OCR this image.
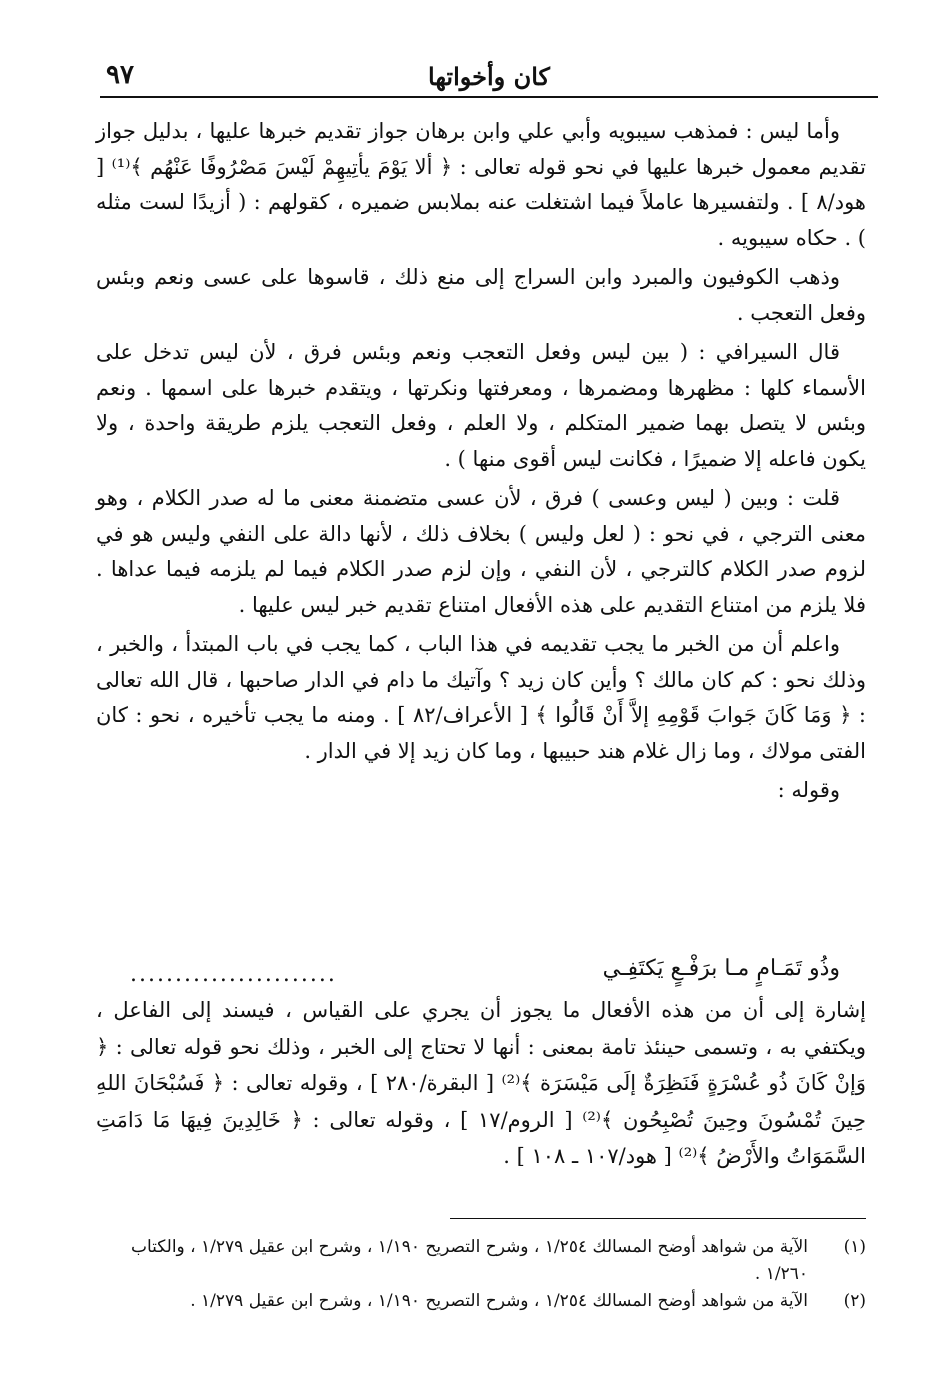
كان وأخواتها
٩٧

وأما ليس : فمذهب سيبويه وأبي علي وابن برهان جواز تقديم خبرها عليها ، بدليل جواز تقديم معمول خبرها عليها في نحو قوله تعالى : ﴿ ألا يَوْمَ يأتِيهِمْ لَيْسَ مَصْرُوفًا عَنْهُم ﴾⁽¹⁾ [ هود/٨ ] . ولتفسيرها عاملاً فيما اشتغلت عنه بملابس ضميره ، كقولهم : ( أزيدًا لست مثله ) . حكاه سيبويه .

وذهب الكوفيون والمبرد وابن السراج إلى منع ذلك ، قاسوها على عسى ونعم وبئس وفعل التعجب .

قال السيرافي : ( بين ليس وفعل التعجب ونعم وبئس فرق ، لأن ليس تدخل على الأسماء كلها : مظهرها ومضمرها ، ومعرفتها ونكرتها ، ويتقدم خبرها على اسمها . ونعم وبئس لا يتصل بهما ضمير المتكلم ، ولا العلم ، وفعل التعجب يلزم طريقة واحدة ، ولا يكون فاعله إلا ضميرًا ، فكانت ليس أقوى منها ) .

قلت : وبين ( ليس وعسى ) فرق ، لأن عسى متضمنة معنى ما له صدر الكلام ، وهو معنى الترجي ، في نحو : ( لعل وليس ) بخلاف ذلك ، لأنها دالة على النفي وليس هو في لزوم صدر الكلام كالترجي ، لأن النفي ، وإن لزم صدر الكلام فيما لم يلزمه فيما عداها . فلا يلزم من امتناع التقديم على هذه الأفعال امتناع تقديم خبر ليس عليها .

واعلم أن من الخبر ما يجب تقديمه في هذا الباب ، كما يجب في باب المبتدأ ، والخبر ، وذلك نحو : كم كان مالك ؟ وأين كان زيد ؟ وآتيك ما دام في الدار صاحبها ، قال الله تعالى : ﴿ وَمَا كَانَ جَوابَ قَوْمِهِ إلاَّ أَنْ قَالُوا ﴾ [ الأعراف/٨٢ ] . ومنه ما يجب تأخيره ، نحو : كان الفتى مولاك ، وما زال غلام هند حبيبها ، وما كان زيد إلا في الدار .

وقوله :

وذُو تَمَـامٍ مـا برَفْـعٍ يَكتَفِـي
.......................

إشارة إلى أن من هذه الأفعال ما يجوز أن يجري على القياس ، فيسند إلى الفاعل ، ويكتفي به ، وتسمى حينئذ تامة بمعنى : أنها لا تحتاج إلى الخبر ، وذلك نحو قوله تعالى : ﴿ وَإنْ كَانَ ذُو عُسْرَةٍ فَنَظِرَةٌ إلَى مَيْسَرَة ﴾⁽²⁾ [ البقرة/٢٨٠ ] ، وقوله تعالى : ﴿ فَسُبْحَانَ اللهِ حِينَ تُمْسُونَ وحِينَ تُصْبِحُون ﴾⁽²⁾ [ الروم/١٧ ] ، وقوله تعالى : ﴿ خَالِدِينَ فِيهَا مَا دَامَتِ السَّمَوَاتُ والأَرْضُ ﴾⁽²⁾ [ هود/١٠٧ ـ ١٠٨ ] .

(١)
الآية من شواهد أوضح المسالك ١/٢٥٤ ، وشرح التصريح ١/١٩٠ ، وشرح ابن عقيل ١/٢٧٩ ، والكتاب ١/٢٦٠ .
(٢)
الآية من شواهد أوضح المسالك ١/٢٥٤ ، وشرح التصريح ١/١٩٠ ، وشرح ابن عقيل ١/٢٧٩ .
